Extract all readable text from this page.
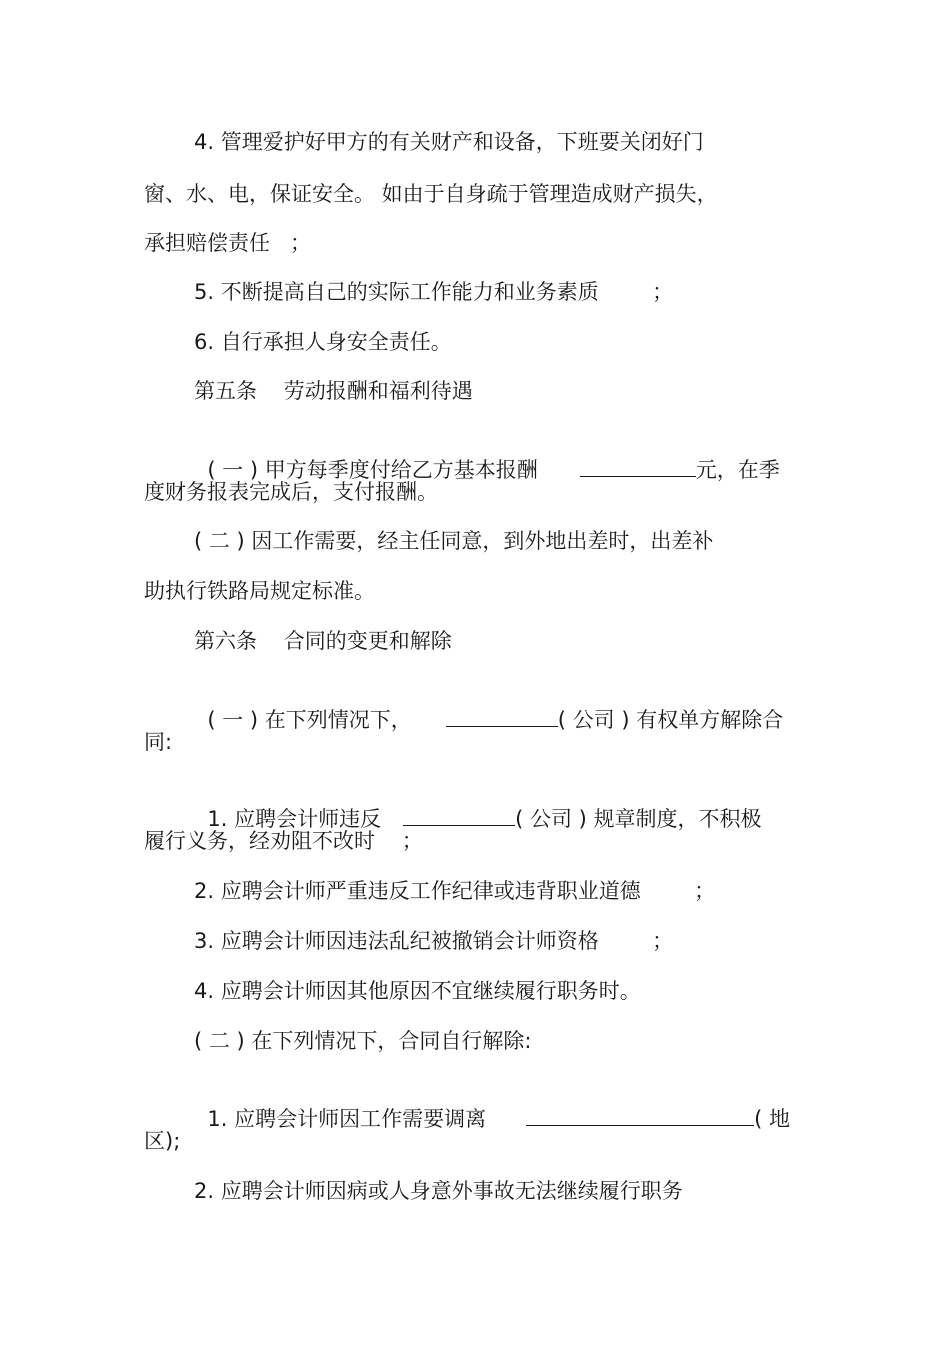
4. 管理爱护好甲方的有关财产和设备，下班要关闭好门
窗、水、电，保证安全。 如由于自身疏于管理造成财产损失，
承担赔偿责任   ；
5. 不断提高自己的实际工作能力和业务素质        ；
6. 自行承担人身安全责任。
第五条    劳动报酬和福利待遇

( 一 ) 甲方每季度付给乙方基本报酬	元，在季

度财务报表完成后，支付报酬。
( 二 ) 因工作需要，经主任同意，到外地出差时，出差补
助执行铁路局规定标准。
第六条    合同的变更和解除

( 一 ) 在下列情况下，	( 公司 ) 有权单方解除合

同:

1. 应聘会计师违反	( 公司 ) 规章制度，不积极

履行义务，经劝阻不改时    ；
2. 应聘会计师严重违反工作纪律或违背职业道德        ；
3. 应聘会计师因违法乱纪被撤销会计师资格        ；
4. 应聘会计师因其他原因不宜继续履行职务时。
( 二 ) 在下列情况下，合同自行解除:

1. 应聘会计师因工作需要调离	( 地

区);
2. 应聘会计师因病或人身意外事故无法继续履行职务
